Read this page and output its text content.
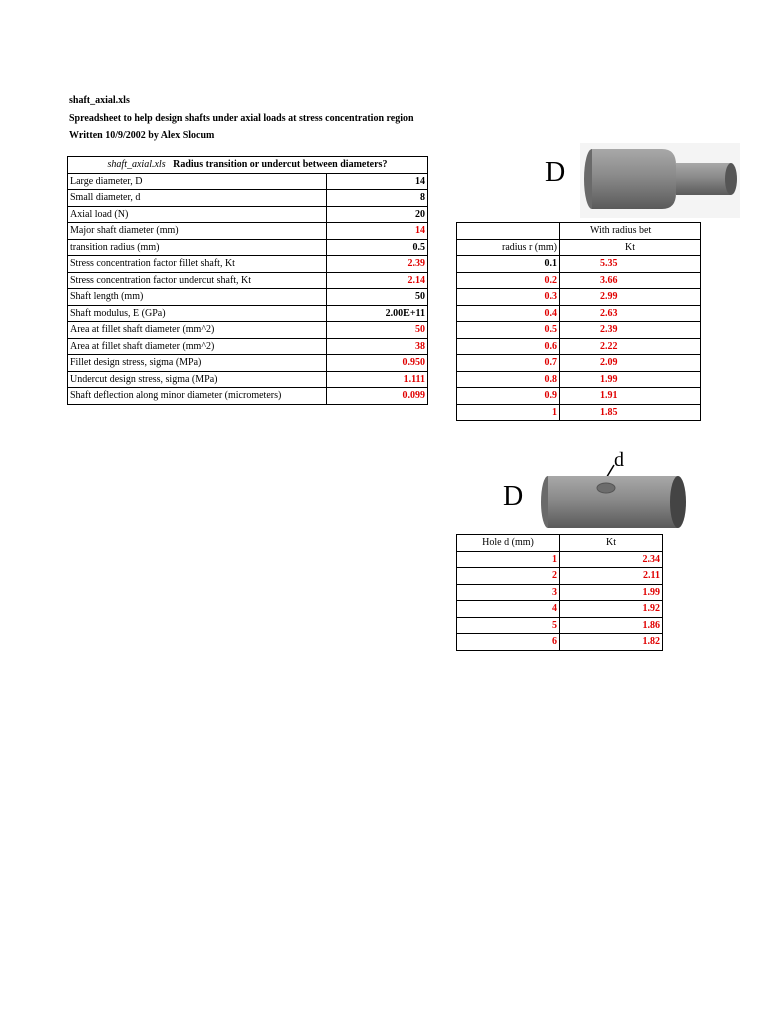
shaft_axial.xls
Spreadsheet to help design shafts under axial loads at stress concentration region
Written 10/9/2002 by Alex Slocum
shaft_axial.xls Radius transition or undercut between diameters?	
Large diameter, D	14
Small diameter, d	8
Axial load (N)	20
Major shaft diameter (mm)	14
transition radius (mm)	0.5
Stress concentration factor fillet shaft, Kt	2.39
Stress concentration factor undercut shaft, Kt	2.14
Shaft length (mm)	50
Shaft modulus, E (GPa)	2.00E+11
Area at fillet shaft diameter (mm^2)	50
Area at fillet shaft diameter (mm^2)	38
Fillet design stress, sigma (MPa)	0.950
Undercut design stress, sigma (MPa)	1.111
Shaft deflection along minor diameter (micrometers)	0.099
D
	With radius bet
radius r (mm)	Kt
0.1	5.35
0.2	3.66
0.3	2.99
0.4	2.63
0.5	2.39
0.6	2.22
0.7	2.09
0.8	1.99
0.9	1.91
1	1.85
D
d
Hole d (mm)	Kt
1	2.34
2	2.11
3	1.99
4	1.92
5	1.86
6	1.82
